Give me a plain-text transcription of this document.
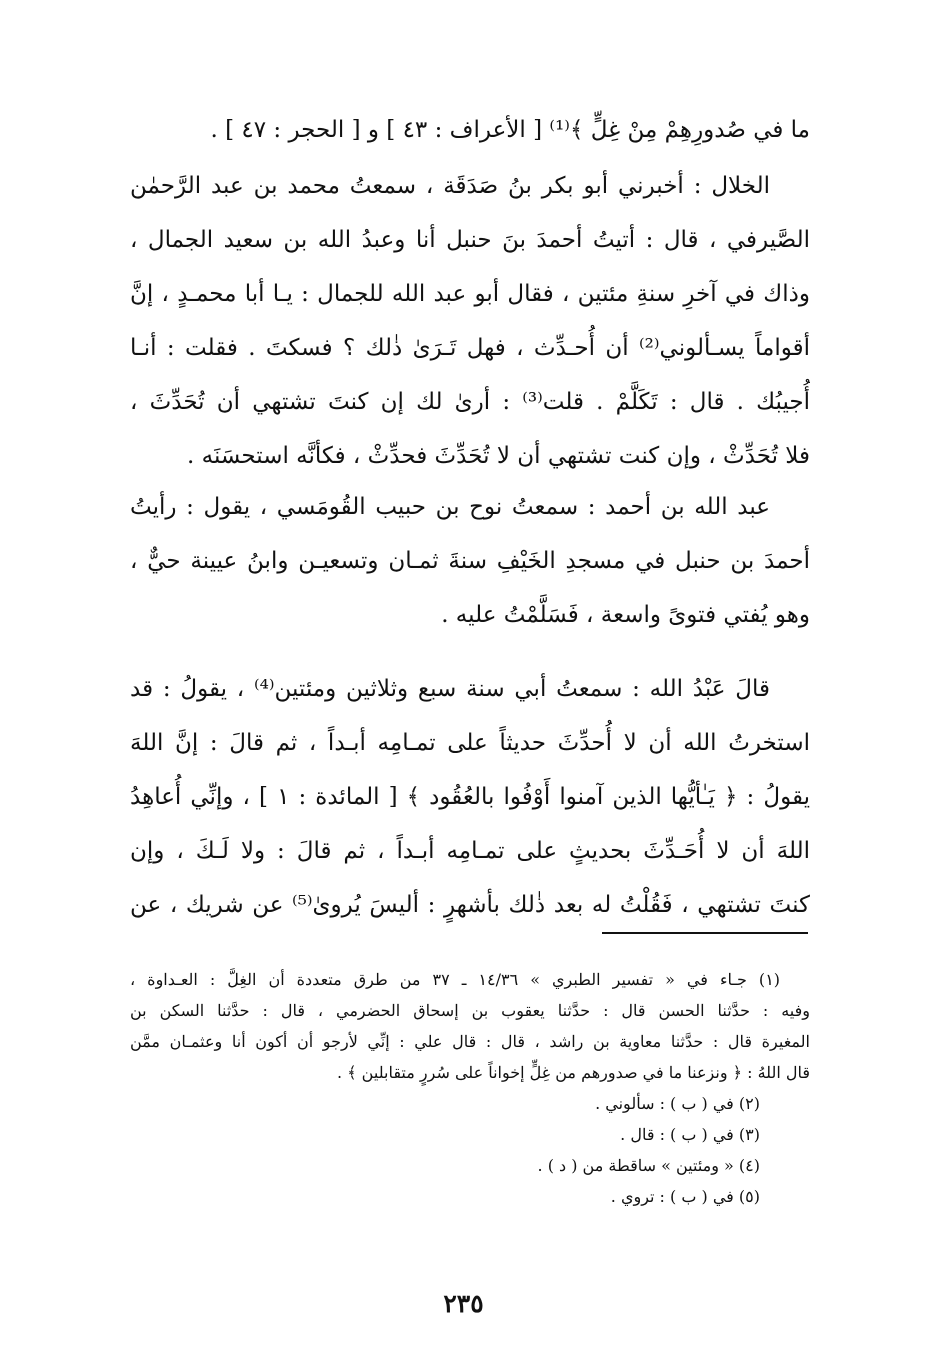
ما في صُدورِهِمْ مِنْ غِلٍّ ﴾⁽¹⁾ [ الأعراف : ٤٣ ] و [ الحجر : ٤٧ ] .
الخلال : أخبرني أبو بكر بنُ صَدَقَة ، سمعتُ محمد بن عبد الرَّحمٰن
الصَّيرفي ، قال : أتيتُ أحمدَ بنَ حنبل أنا وعبدُ الله بن سعيد الجمال ،
وذاك في آخرِ سنةِ مئتين ، فقال أبو عبد الله للجمال : يـا أبا محمـدٍ ، إنَّ
أقواماً يسـألوني⁽²⁾ أن أُحـدِّث ، فهل تَـرَىٰ ذٰلك ؟ فسكتَ . فقلت : أنـا
أُجيبُك . قال : تَكَلَّمْ . قلت⁽³⁾ : أرىٰ لك إن كنتَ تشتهي أن تُحَدِّثَ ،
فلا تُحَدِّثْ ، وإن كنت تشتهي أن لا تُحَدِّثَ فحدِّثْ ، فكأنَّه استحسَنَه .
عبد الله بن أحمد : سمعتُ نوح بن حبيب القُومَسي ، يقول : رأيتُ
أحمدَ بن حنبل في مسجدِ الخَيْفِ سنةَ ثمـان وتسعيـن وابنُ عيينة حيٌّ ،
وهو يُفتي فتوىً واسعة ، فَسَلَّمْتُ عليه .
قالَ عَبْدُ الله : سمعتُ أبي سنة سبع وثلاثين ومئتين⁽⁴⁾ ، يقولُ : قد
استخرتُ الله أن لا أُحدِّثَ حديثاً على تمـامِه أبـداً ، ثم قالَ : إنَّ اللهَ
يقولُ : ﴿ يَـٰأيُّها الذين آمنوا أَوْفُوا بالعُقُود ﴾ [ المائدة : ١ ] ، وإنِّي أُعاهِدُ
اللهَ أن لا أُحَـدِّثَ بحديثٍ على تمـامِه أبـداً ، ثم قالَ : ولا لَـكَ ، وإن
كنتَ تشتهي ، فَقُلْتُ له بعد ذٰلك بأشهرٍ : أليسَ يُروىٰ⁽⁵⁾ عن شريك ، عن
(١) جـاء في « تفسير الطبري » ١٤/٣٦ ـ ٣٧ من طرق متعددة أن الغِلَّ : العـداوة ،
وفيه : حدَّثنا الحسن قال : حدَّثنا يعقوب بن إسحاق الحضرمي ، قال : حدَّثنا السكن بن
المغيرة قال : حدَّثنا معاوية بن راشد ، قال : قال علي : إنِّي لأرجو أن أكون أنا وعثمـان ممَّن
قال اللهُ : ﴿ ونزعنا ما في صدورهم من غِلٍّ إخواناً على سُررٍ متقابلين ﴾ .
(٢) في ( ب ) : سألوني .
(٣) في ( ب ) : قال .
(٤) « ومئتين » ساقطة من ( د ) .
(٥) في ( ب ) : تروي .
٢٣٥
